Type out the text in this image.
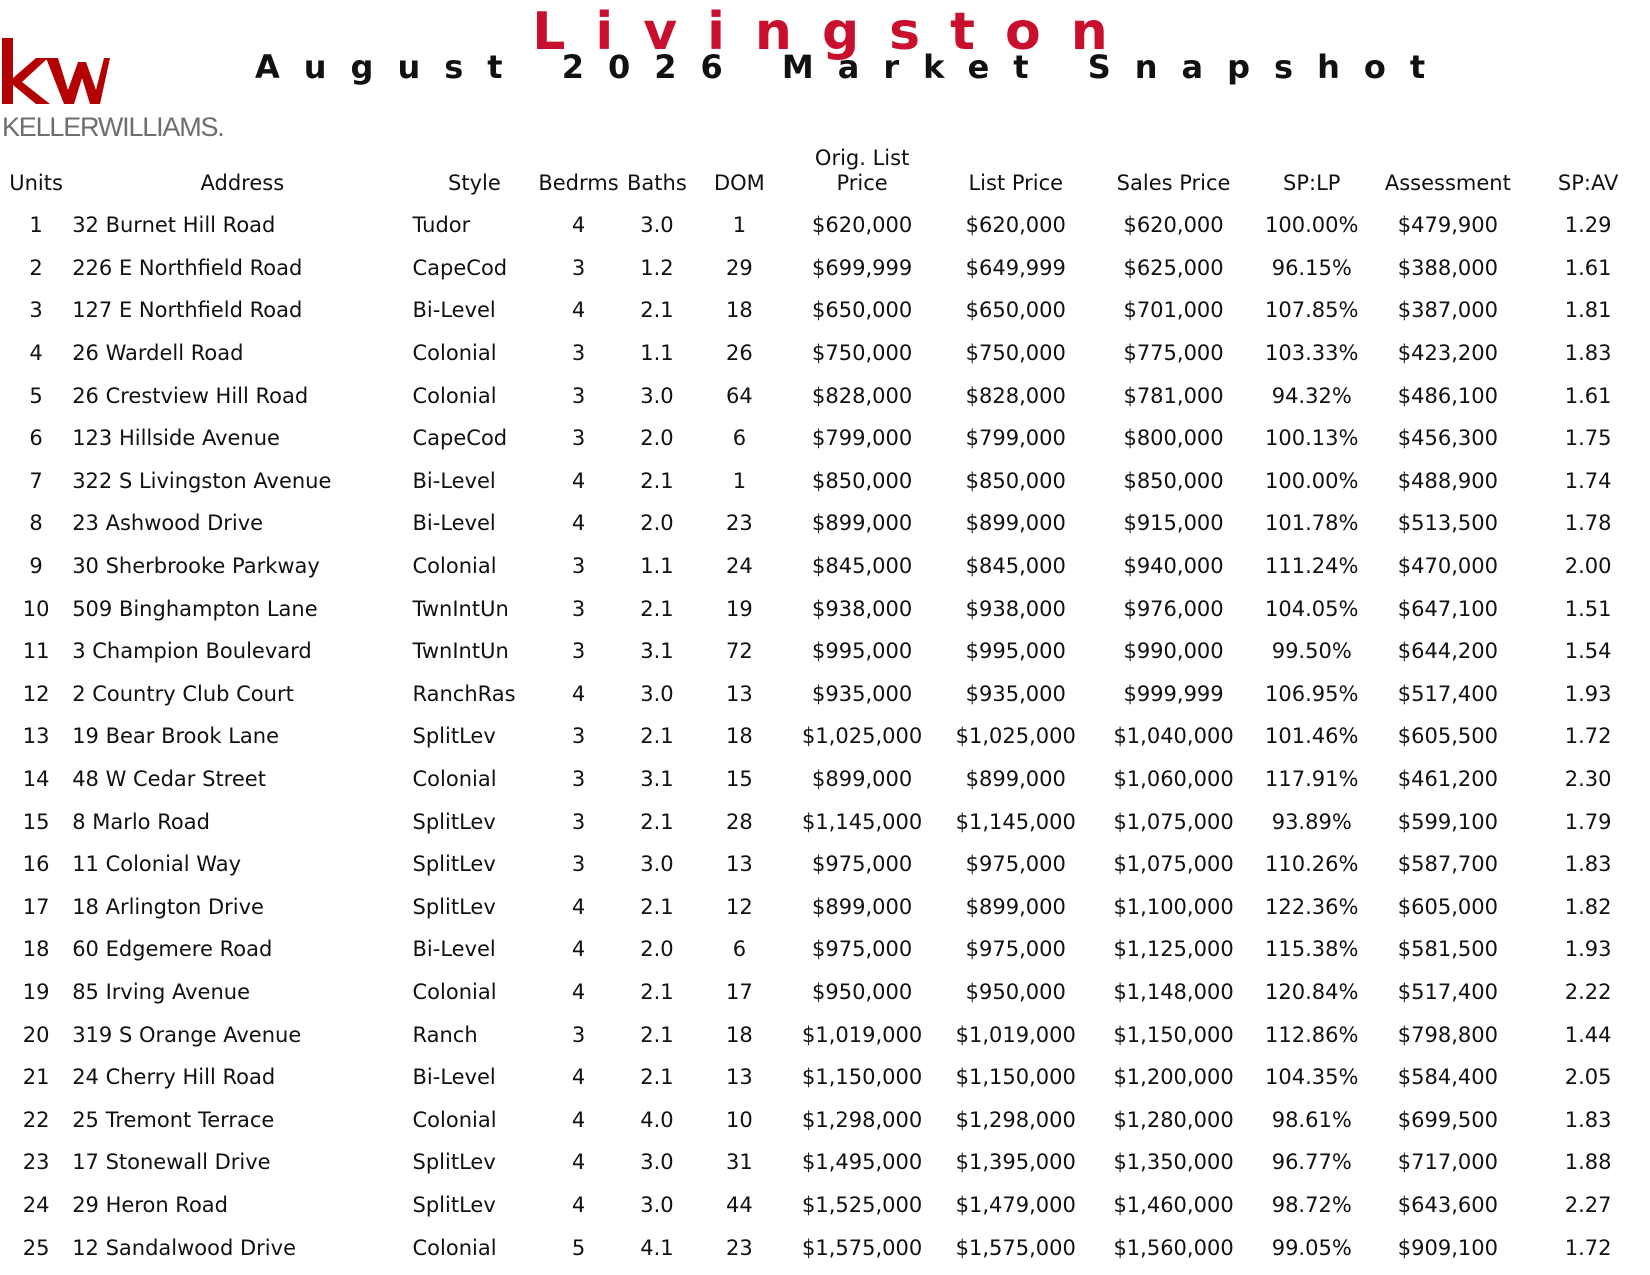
KELLERWILLIAMS.
Livingston
August 2026 Market Snapshot
Units	Address	Style	Bedrms	Baths	DOM	Orig. List Price	List Price	Sales Price	SP:LP	Assessment	SP:AV
1	32 Burnet Hill Road	Tudor	4	3.0	1	$620,000	$620,000	$620,000	100.00%	$479,900	1.29
2	226 E Northfield Road	CapeCod	3	1.2	29	$699,999	$649,999	$625,000	96.15%	$388,000	1.61
3	127 E Northfield Road	Bi-Level	4	2.1	18	$650,000	$650,000	$701,000	107.85%	$387,000	1.81
4	26 Wardell Road	Colonial	3	1.1	26	$750,000	$750,000	$775,000	103.33%	$423,200	1.83
5	26 Crestview Hill Road	Colonial	3	3.0	64	$828,000	$828,000	$781,000	94.32%	$486,100	1.61
6	123 Hillside Avenue	CapeCod	3	2.0	6	$799,000	$799,000	$800,000	100.13%	$456,300	1.75
7	322 S Livingston Avenue	Bi-Level	4	2.1	1	$850,000	$850,000	$850,000	100.00%	$488,900	1.74
8	23 Ashwood Drive	Bi-Level	4	2.0	23	$899,000	$899,000	$915,000	101.78%	$513,500	1.78
9	30 Sherbrooke Parkway	Colonial	3	1.1	24	$845,000	$845,000	$940,000	111.24%	$470,000	2.00
10	509 Binghampton Lane	TwnIntUn	3	2.1	19	$938,000	$938,000	$976,000	104.05%	$647,100	1.51
11	3 Champion Boulevard	TwnIntUn	3	3.1	72	$995,000	$995,000	$990,000	99.50%	$644,200	1.54
12	2 Country Club Court	RanchRas	4	3.0	13	$935,000	$935,000	$999,999	106.95%	$517,400	1.93
13	19 Bear Brook Lane	SplitLev	3	2.1	18	$1,025,000	$1,025,000	$1,040,000	101.46%	$605,500	1.72
14	48 W Cedar Street	Colonial	3	3.1	15	$899,000	$899,000	$1,060,000	117.91%	$461,200	2.30
15	8 Marlo Road	SplitLev	3	2.1	28	$1,145,000	$1,145,000	$1,075,000	93.89%	$599,100	1.79
16	11 Colonial Way	SplitLev	3	3.0	13	$975,000	$975,000	$1,075,000	110.26%	$587,700	1.83
17	18 Arlington Drive	SplitLev	4	2.1	12	$899,000	$899,000	$1,100,000	122.36%	$605,000	1.82
18	60 Edgemere Road	Bi-Level	4	2.0	6	$975,000	$975,000	$1,125,000	115.38%	$581,500	1.93
19	85 Irving Avenue	Colonial	4	2.1	17	$950,000	$950,000	$1,148,000	120.84%	$517,400	2.22
20	319 S Orange Avenue	Ranch	3	2.1	18	$1,019,000	$1,019,000	$1,150,000	112.86%	$798,800	1.44
21	24 Cherry Hill Road	Bi-Level	4	2.1	13	$1,150,000	$1,150,000	$1,200,000	104.35%	$584,400	2.05
22	25 Tremont Terrace	Colonial	4	4.0	10	$1,298,000	$1,298,000	$1,280,000	98.61%	$699,500	1.83
23	17 Stonewall Drive	SplitLev	4	3.0	31	$1,495,000	$1,395,000	$1,350,000	96.77%	$717,000	1.88
24	29 Heron Road	SplitLev	4	3.0	44	$1,525,000	$1,479,000	$1,460,000	98.72%	$643,600	2.27
25	12 Sandalwood Drive	Colonial	5	4.1	23	$1,575,000	$1,575,000	$1,560,000	99.05%	$909,100	1.72
